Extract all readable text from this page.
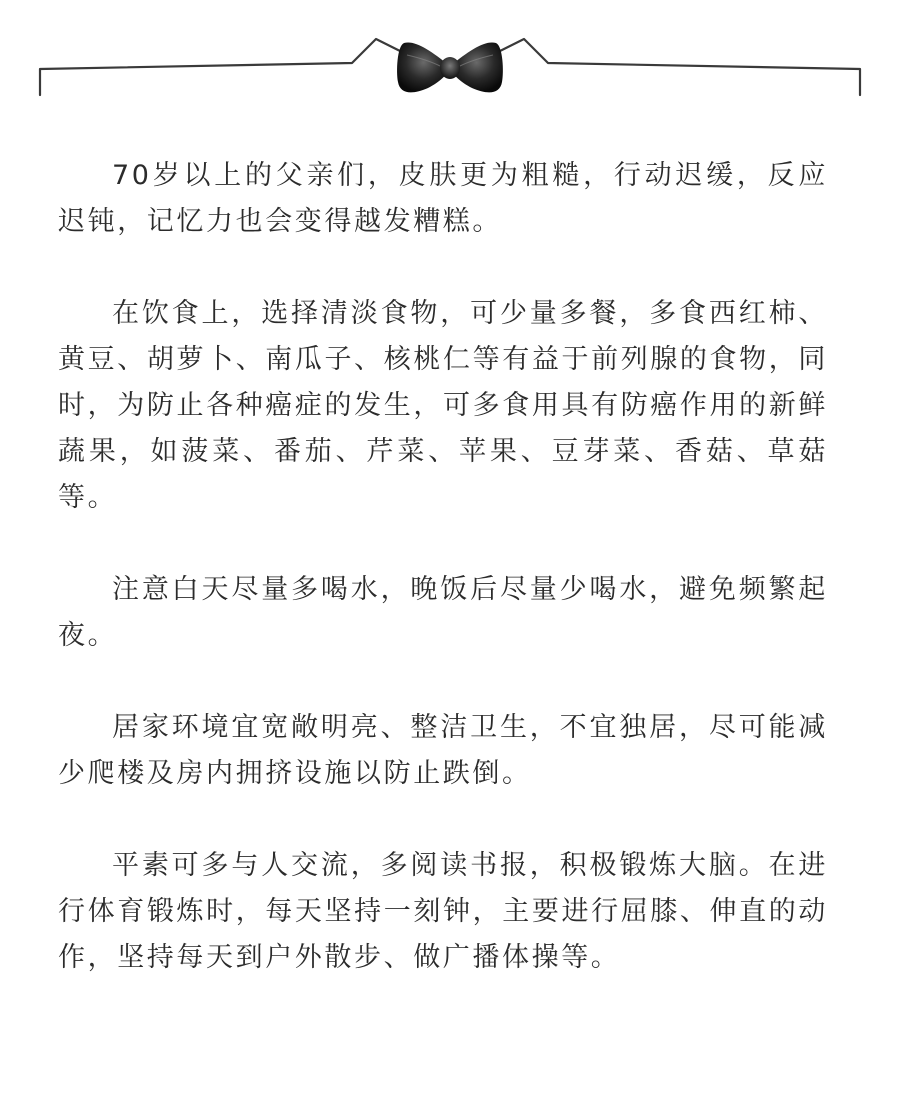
70岁以上的父亲们，皮肤更为粗糙，行动迟缓，反应迟钝，记忆力也会变得越发糟糕。

在饮食上，选择清淡食物，可少量多餐，多食西红柿、黄豆、胡萝卜、南瓜子、核桃仁等有益于前列腺的食物，同时，为防止各种癌症的发生，可多食用具有防癌作用的新鲜蔬果，如菠菜、番茄、芹菜、苹果、豆芽菜、香菇、草菇等。

注意白天尽量多喝水，晚饭后尽量少喝水，避免频繁起夜。

居家环境宜宽敞明亮、整洁卫生，不宜独居，尽可能减少爬楼及房内拥挤设施以防止跌倒。

平素可多与人交流，多阅读书报，积极锻炼大脑。在进行体育锻炼时，每天坚持一刻钟，主要进行屈膝、伸直的动作，坚持每天到户外散步、做广播体操等。
